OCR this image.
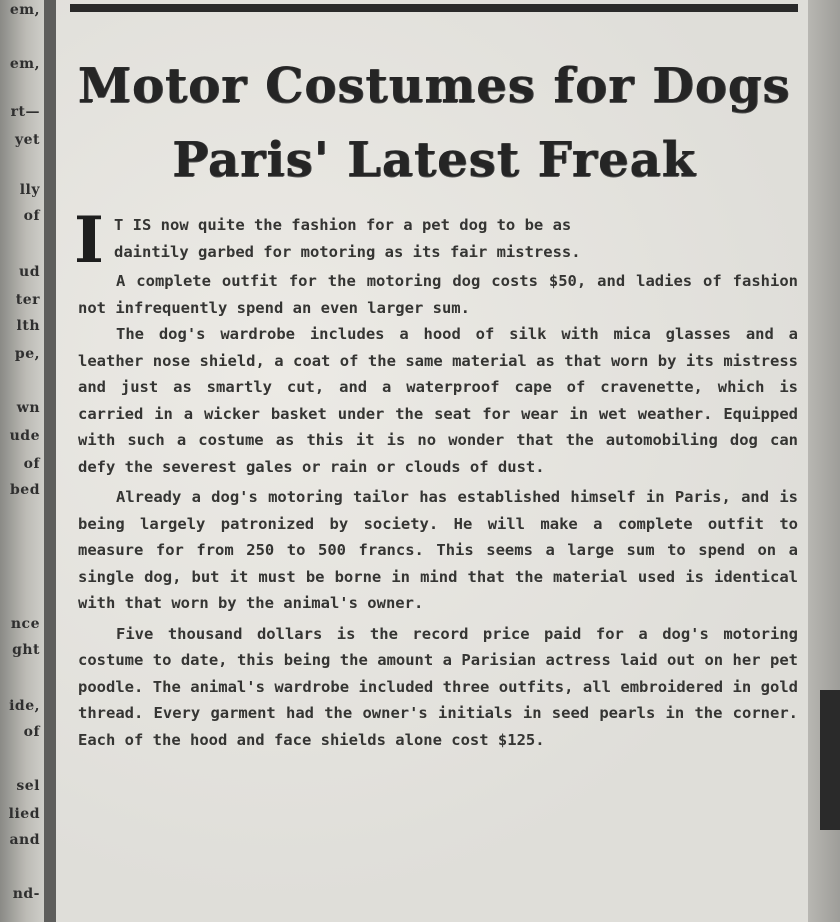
em,
em,
rt—
yet
lly
of
ud
ter
lth
pe,
wn
ude
of
bed
nce
ght
ide,
of
sel
lied
and
nd-
Motor Costumes for Dogs
Paris' Latest Freak
I T IS now quite the fashion for a pet dog to be as
daintily garbed for motoring as its fair mistress.

A complete outfit for the motoring dog costs $50, and ladies of fashion not infrequently spend an even larger sum.

The dog's wardrobe includes a hood of silk with mica glasses and a leather nose shield, a coat of the same material as that worn by its mistress and just as smartly cut, and a waterproof cape of cravenette, which is carried in a wicker basket under the seat for wear in wet weather. Equipped with such a costume as this it is no wonder that the automobiling dog can defy the severest gales or rain or clouds of dust.

Already a dog's motoring tailor has established himself in Paris, and is being largely patronized by society. He will make a complete outfit to measure for from 250 to 500 francs. This seems a large sum to spend on a single dog, but it must be borne in mind that the material used is identical with that worn by the animal's owner.

Five thousand dollars is the record price paid for a dog's motoring costume to date, this being the amount a Parisian actress laid out on her pet poodle. The animal's wardrobe included three outfits, all embroidered in gold thread. Every garment had the owner's initials in seed pearls in the corner. Each of the hood and face shields alone cost $125.
